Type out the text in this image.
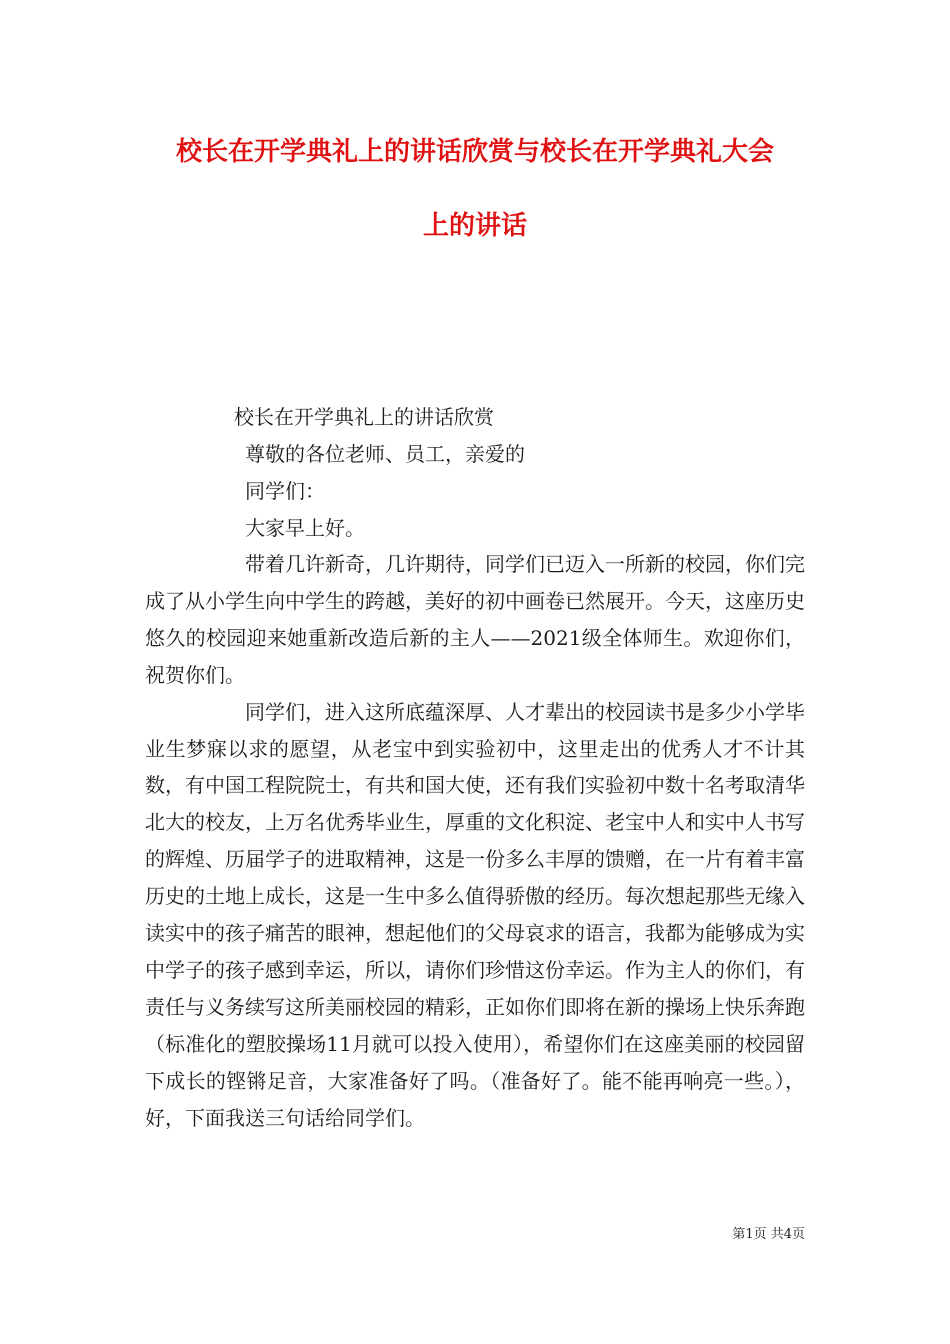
校长在开学典礼上的讲话欣赏与校长在开学典礼大会
上的讲话
校长在开学典礼上的讲话欣赏
尊敬的各位老师、员工，亲爱的
同学们：
大家早上好。

带着几许新奇，几许期待，同学们已迈入一所新的校园，你们完成了从小学生向中学生的跨越，美好的初中画卷已然展开。今天，这座历史悠久的校园迎来她重新改造后新的主人——2021级全体师生。欢迎你们，祝贺你们。

同学们，进入这所底蕴深厚、人才辈出的校园读书是多少小学毕业生梦寐以求的愿望，从老宝中到实验初中，这里走出的优秀人才不计其数，有中国工程院院士，有共和国大使，还有我们实验初中数十名考取清华北大的校友，上万名优秀毕业生，厚重的文化积淀、老宝中人和实中人书写的辉煌、历届学子的进取精神，这是一份多么丰厚的馈赠，在一片有着丰富历史的土地上成长，这是一生中多么值得骄傲的经历。每次想起那些无缘入读实中的孩子痛苦的眼神，想起他们的父母哀求的语言，我都为能够成为实中学子的孩子感到幸运，所以，请你们珍惜这份幸运。作为主人的你们，有责任与义务续写这所美丽校园的精彩，正如你们即将在新的操场上快乐奔跑（标准化的塑胶操场11月就可以投入使用），希望你们在这座美丽的校园留下成长的铿锵足音，大家准备好了吗。（准备好了。能不能再响亮一些。），好，下面我送三句话给同学们。

第1页 共4页
